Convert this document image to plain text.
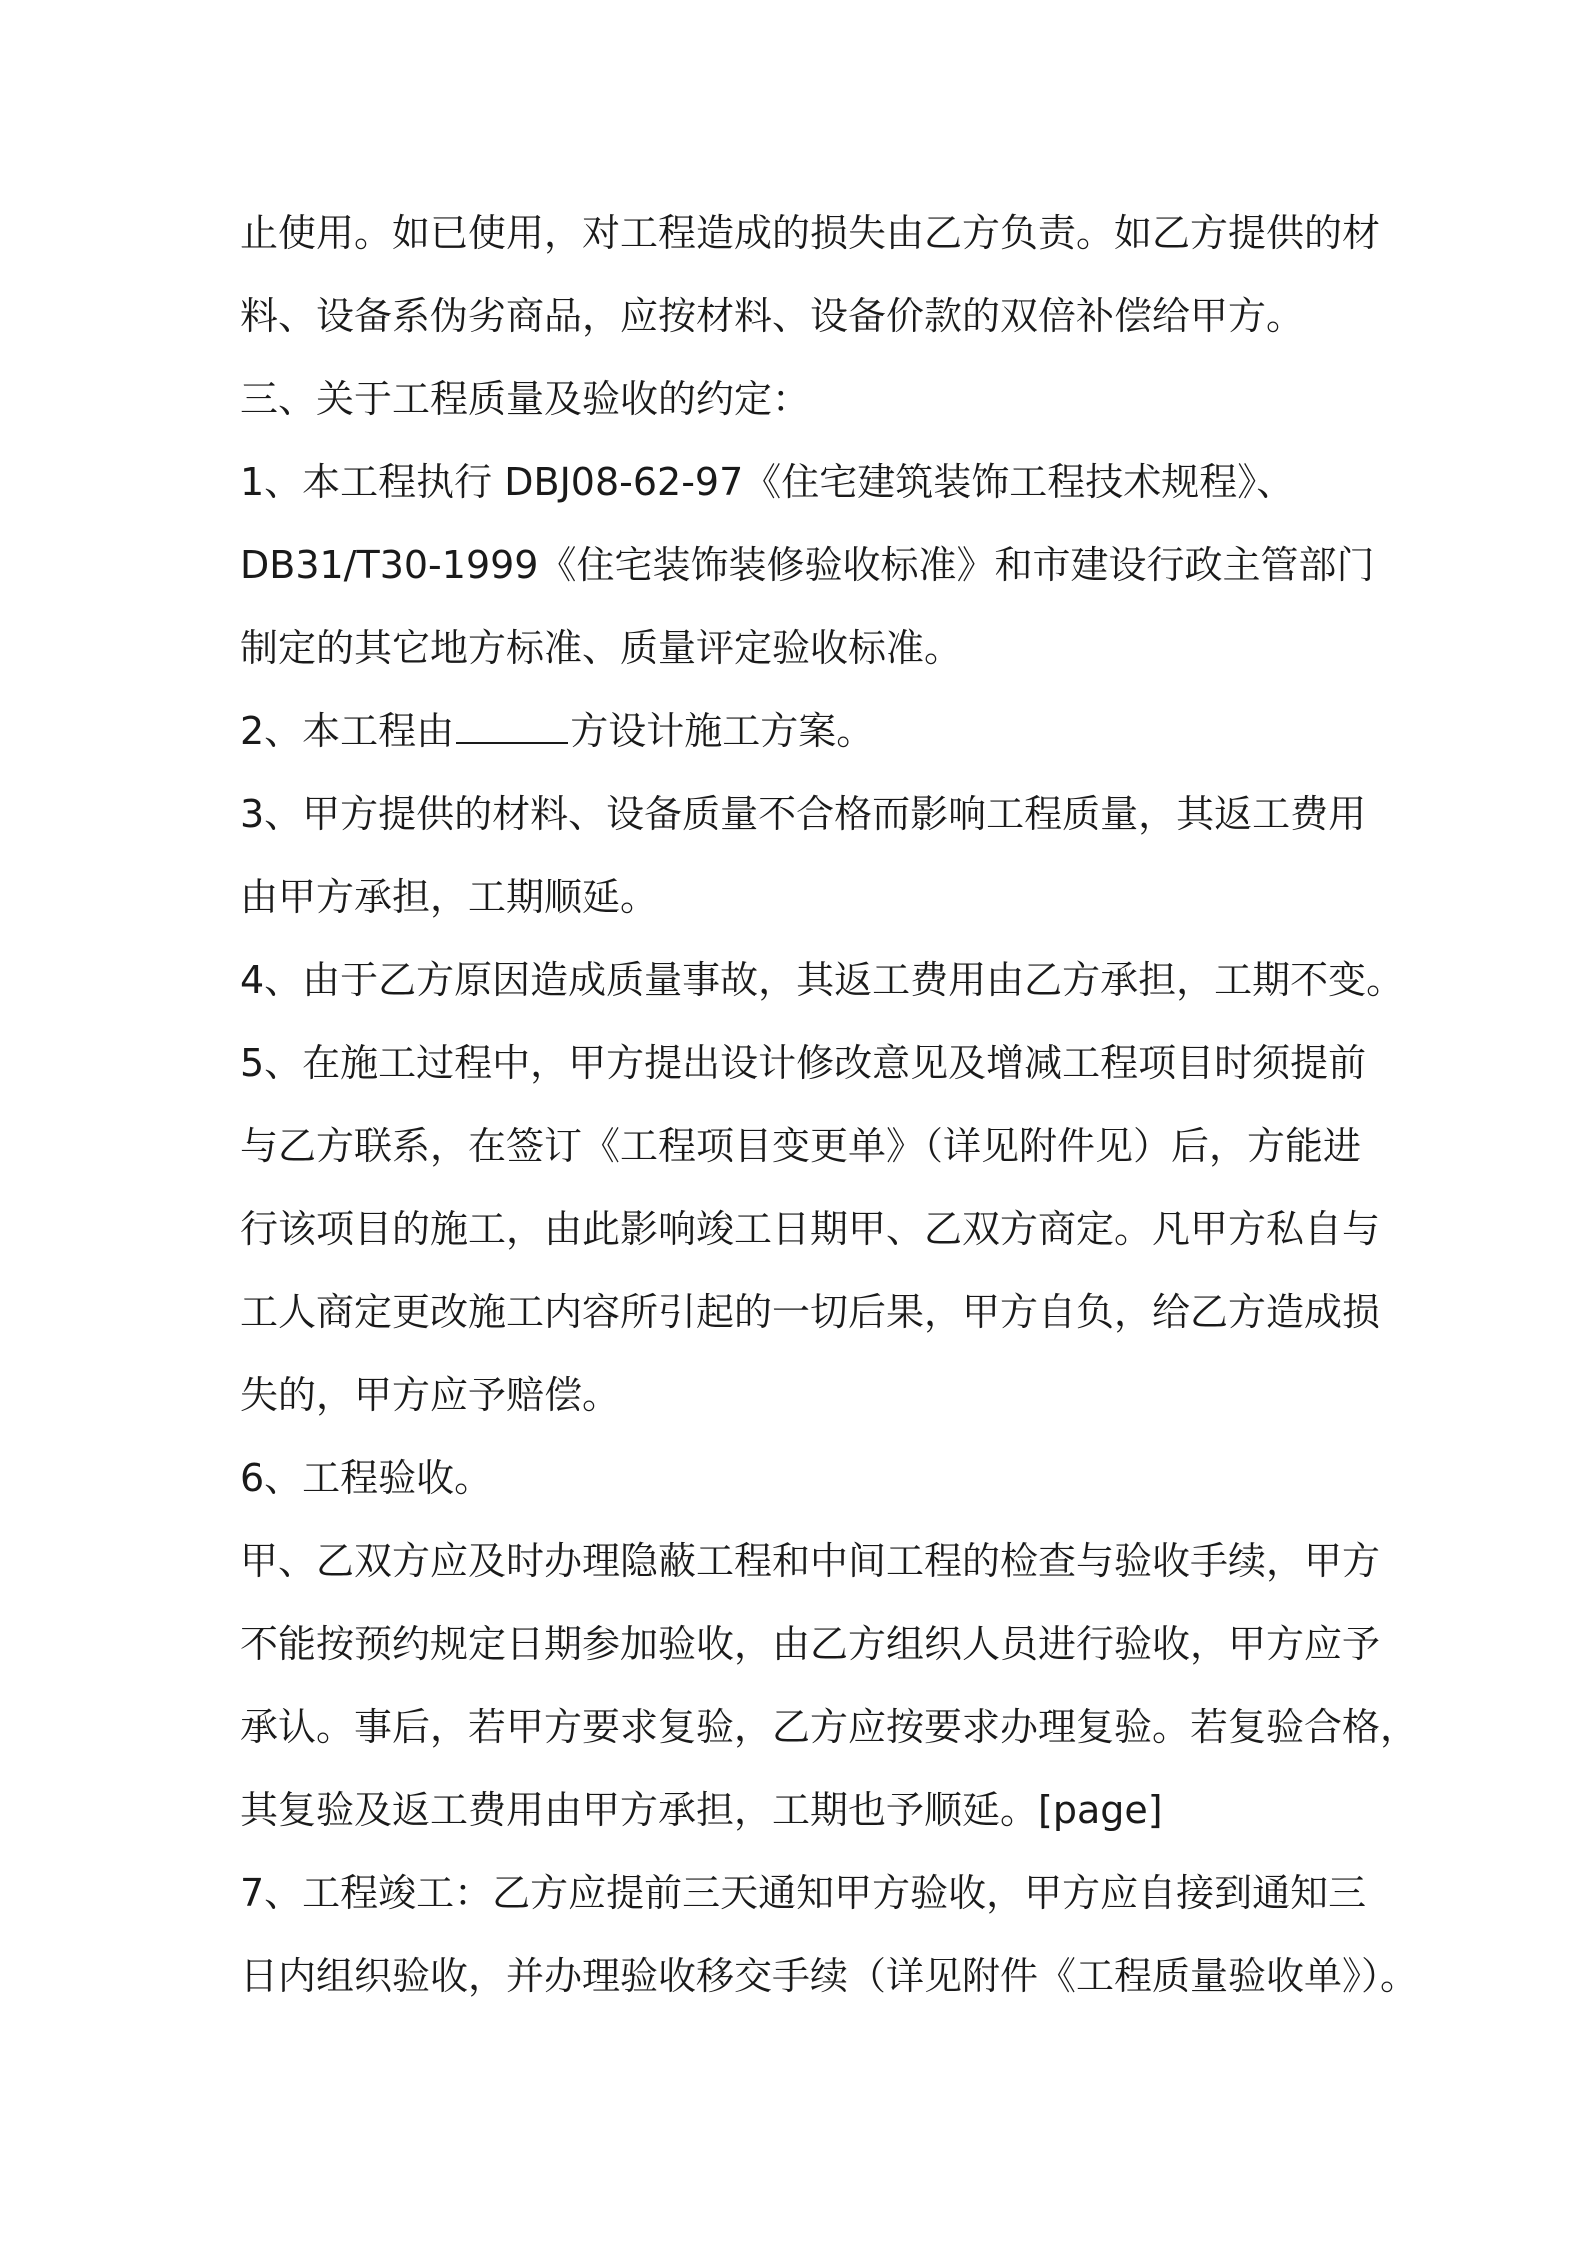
止使用。如已使用，对工程造成的损失由乙方负责。如乙方提供的材
料、设备系伪劣商品，应按材料、设备价款的双倍补偿给甲方。
三、关于工程质量及验收的约定：
1、本工程执行 DBJ08-62-97《住宅建筑装饰工程技术规程》、
DB31/T30-1999《住宅装饰装修验收标准》和市建设行政主管部门
制定的其它地方标准、质量评定验收标准。
2、本工程由	方设计施工方案。
3、甲方提供的材料、设备质量不合格而影响工程质量，其返工费用
由甲方承担，工期顺延。
4、由于乙方原因造成质量事故，其返工费用由乙方承担，工期不变。
5、在施工过程中，甲方提出设计修改意见及增减工程项目时须提前
与乙方联系，在签订《工程项目变更单》（详见附件见）后，方能进
行该项目的施工，由此影响竣工日期甲、乙双方商定。凡甲方私自与
工人商定更改施工内容所引起的一切后果，甲方自负，给乙方造成损
失的，甲方应予赔偿。
6、工程验收。
甲、乙双方应及时办理隐蔽工程和中间工程的检查与验收手续，甲方
不能按预约规定日期参加验收，由乙方组织人员进行验收，甲方应予
承认。事后，若甲方要求复验，乙方应按要求办理复验。若复验合格，
其复验及返工费用由甲方承担，工期也予顺延。[page]
7、工程竣工：乙方应提前三天通知甲方验收，甲方应自接到通知三
日内组织验收，并办理验收移交手续（详见附件《工程质量验收单》）。
